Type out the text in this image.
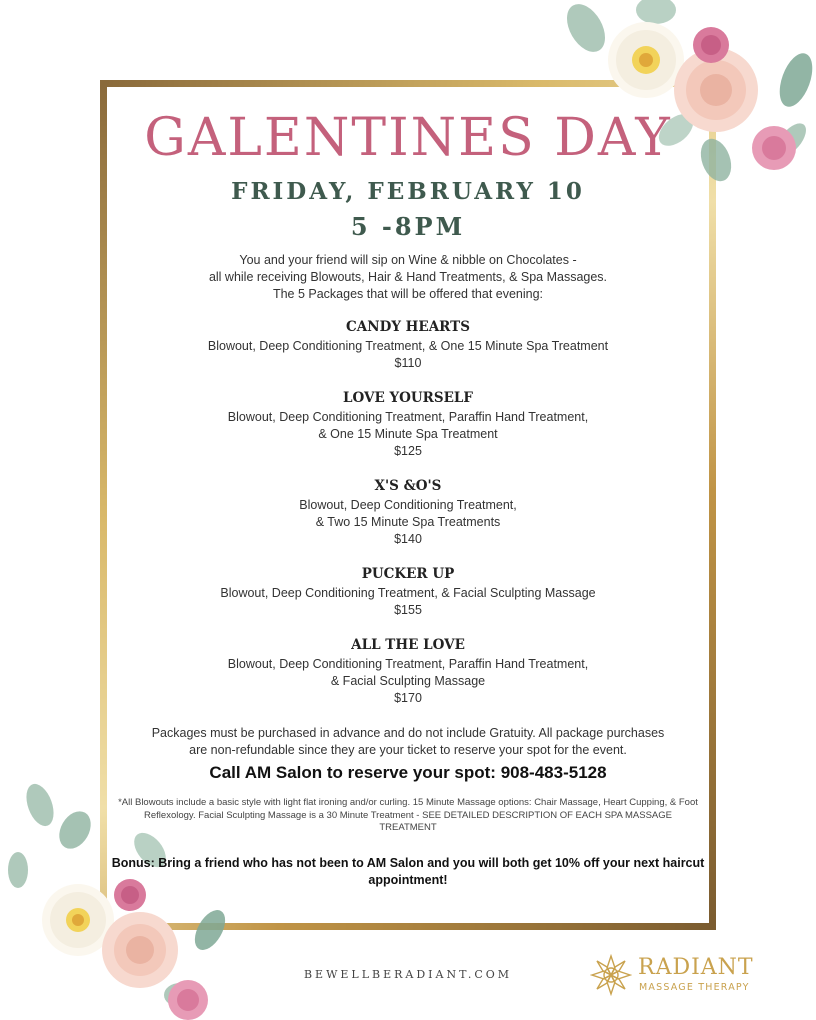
GALENTINES DAY
FRIDAY, FEBRUARY 10
5 -8PM
You and your friend will sip on Wine & nibble on Chocolates -
all while receiving Blowouts, Hair & Hand Treatments, & Spa Massages.
The 5 Packages that will be offered that evening:
CANDY HEARTS
Blowout, Deep Conditioning Treatment, & One 15 Minute Spa Treatment
$110
LOVE YOURSELF
Blowout, Deep Conditioning Treatment, Paraffin Hand Treatment,
& One 15 Minute Spa Treatment
$125
X'S &O'S
Blowout, Deep Conditioning Treatment,
& Two 15 Minute Spa Treatments
$140
PUCKER UP
Blowout, Deep Conditioning Treatment, & Facial Sculpting Massage
$155
ALL THE LOVE
Blowout, Deep Conditioning Treatment, Paraffin Hand Treatment,
& Facial Sculpting Massage
$170
Packages must be purchased in advance and do not include Gratuity. All package purchases
are non-refundable since they are your ticket to reserve your spot for the event.
Call AM Salon to reserve your spot: 908-483-5128
*All Blowouts include a basic style with light flat ironing and/or curling. 15 Minute Massage options: Chair Massage, Heart Cupping, & Foot Reflexology. Facial Sculpting Massage is a 30 Minute Treatment - SEE DETAILED DESCRIPTION OF EACH SPA MASSAGE TREATMENT
Bonus: Bring a friend who has not been to AM Salon and you will both get 10% off your next haircut appointment!
BEWELLBERADIANT.COM	RADIANT
MASSAGE THERAPY
